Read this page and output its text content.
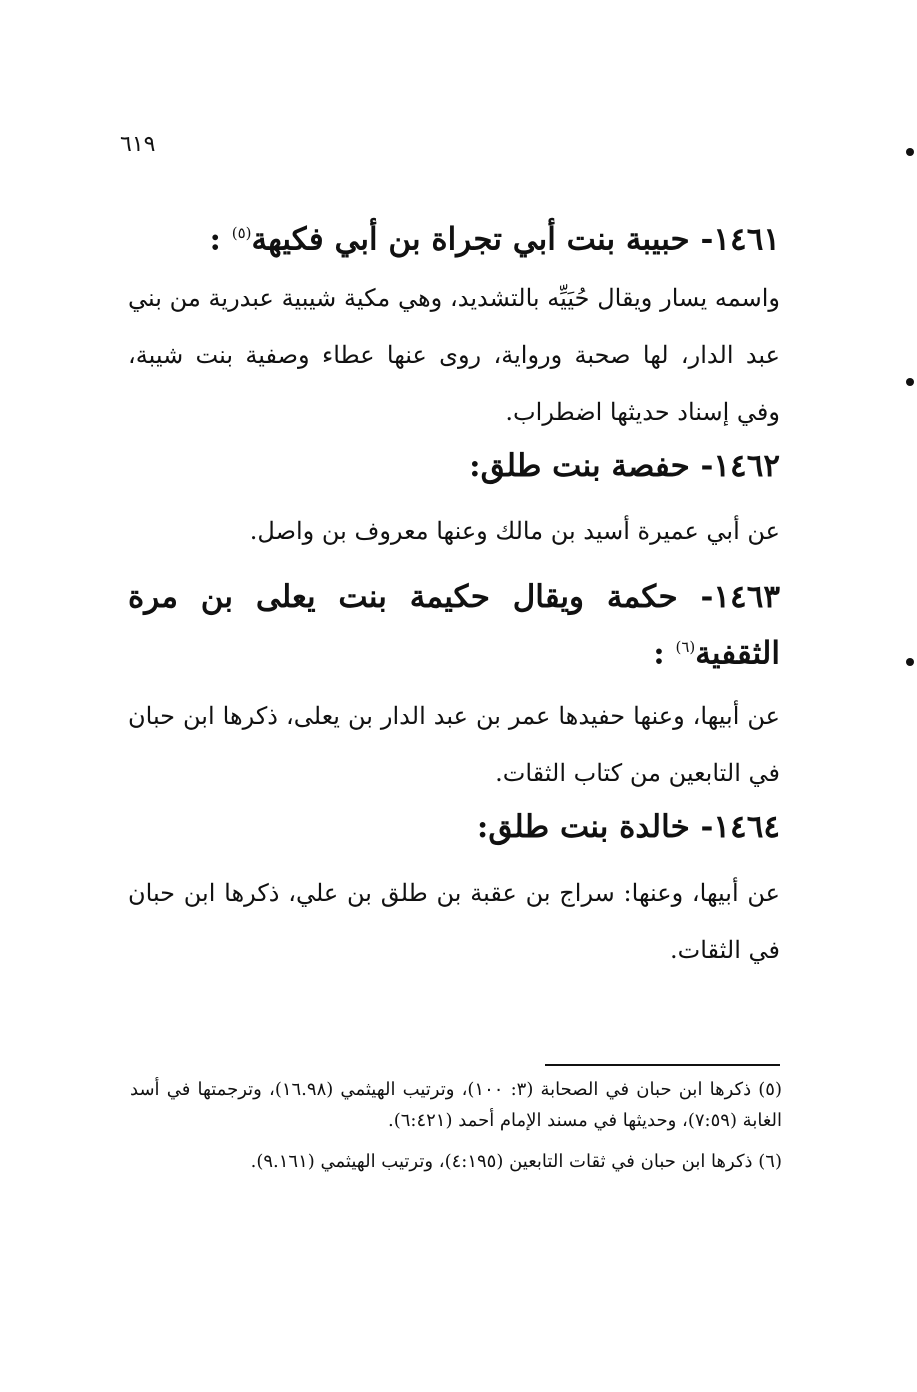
٦١٩
١٤٦١- حبيبة بنت أبي تجراة بن أبي فكيهة$^{(٥)}$ :
واسمه يسار ويقال حُيَيِّه بالتشديد، وهي مكية شيبية عبدرية من بني عبد الدار، لها صحبة ورواية، روى عنها عطاء وصفية بنت شيبة، وفي إسناد حديثها اضطراب.
١٤٦٢- حفصة بنت طلق:
عن أبي عميرة أسيد بن مالك وعنها معروف بن واصل.
١٤٦٣- حكمة ويقال حكيمة بنت يعلى بن مرة الثقفية$^{(٦)}$ :
عن أبيها، وعنها حفيدها عمر بن عبد الدار بن يعلى، ذكرها ابن حبان في التابعين من كتاب الثقات.
١٤٦٤- خالدة بنت طلق:
عن أبيها، وعنها: سراج بن عقبة بن طلق بن علي، ذكرها ابن حبان في الثقات.
(٥) ذكرها ابن حبان في الصحابة (٣: ١٠٠)، وترتيب الهيثمي (١٦.٩٨)، وترجمتها في أسد الغابة (٧:٥٩)، وحديثها في مسند الإمام أحمد (٦:٤٢١).
(٦) ذكرها ابن حبان في ثقات التابعين (٤:١٩٥)، وترتيب الهيثمي (٩.١٦١).
